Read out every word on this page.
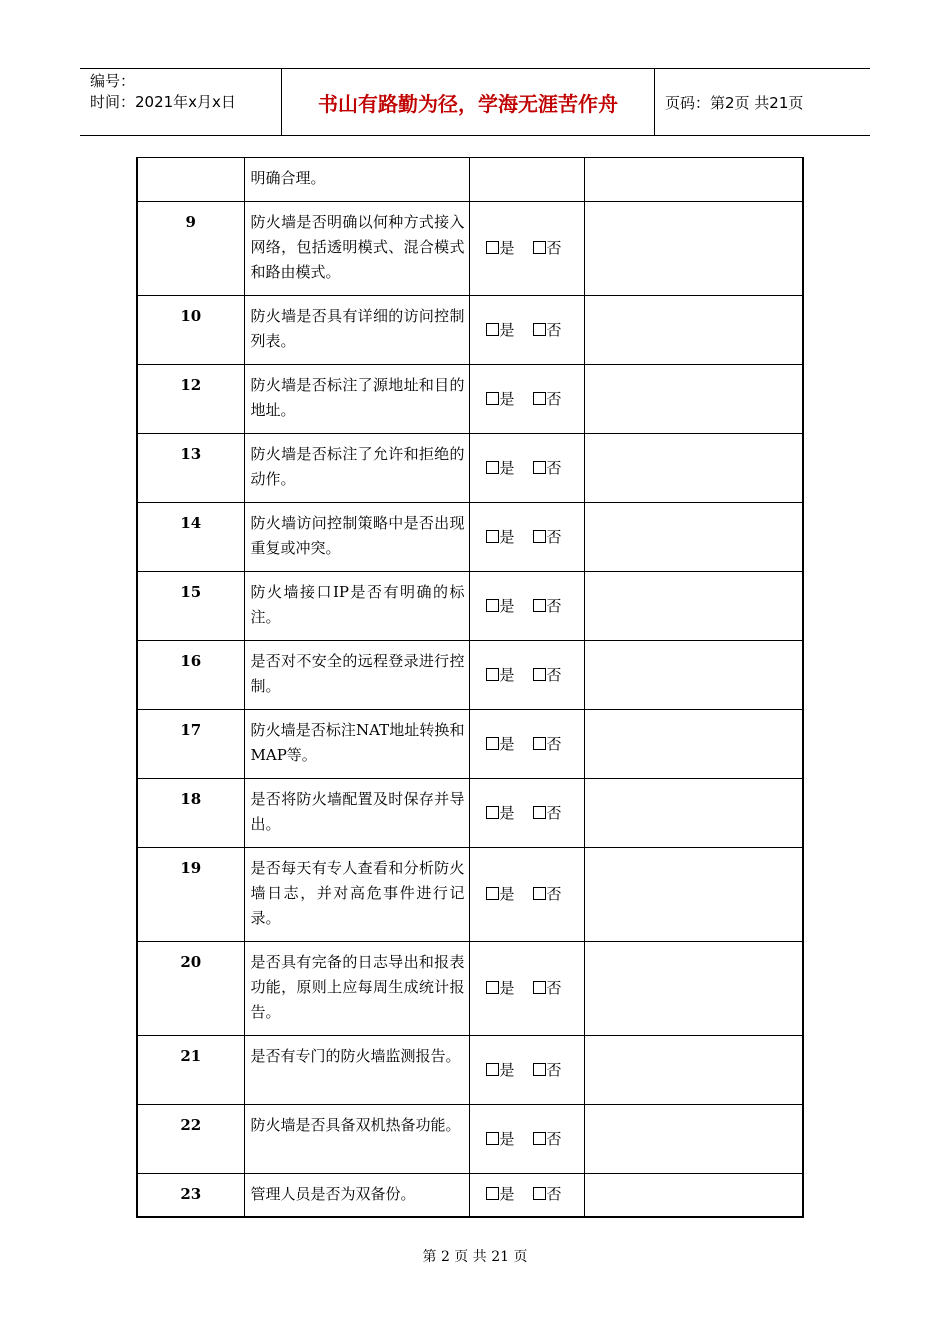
编号：
时间：2021年x月x日	书山有路勤为径，学海无涯苦作舟	页码：第2页 共21页
	明确合理。		
9	防火墙是否明确以何种方式接入网络，包括透明模式、混合模式和路由模式。	是 否	
10	防火墙是否具有详细的访问控制列表。	是 否	
12	防火墙是否标注了源地址和目的地址。	是 否	
13	防火墙是否标注了允许和拒绝的动作。	是 否	
14	防火墙访问控制策略中是否出现重复或冲突。	是 否	
15	防火墙接口IP是否有明确的标注。	是 否	
16	是否对不安全的远程登录进行控制。	是 否	
17	防火墙是否标注NAT地址转换和MAP等。	是 否	
18	是否将防火墙配置及时保存并导出。	是 否	
19	是否每天有专人查看和分析防火墙日志，并对高危事件进行记录。	是 否	
20	是否具有完备的日志导出和报表功能，原则上应每周生成统计报告。	是 否	
21	是否有专门的防火墙监测报告。	是 否	
22	防火墙是否具备双机热备功能。	是 否	
23	管理人员是否为双备份。	是 否	
第 2 页 共 21 页
